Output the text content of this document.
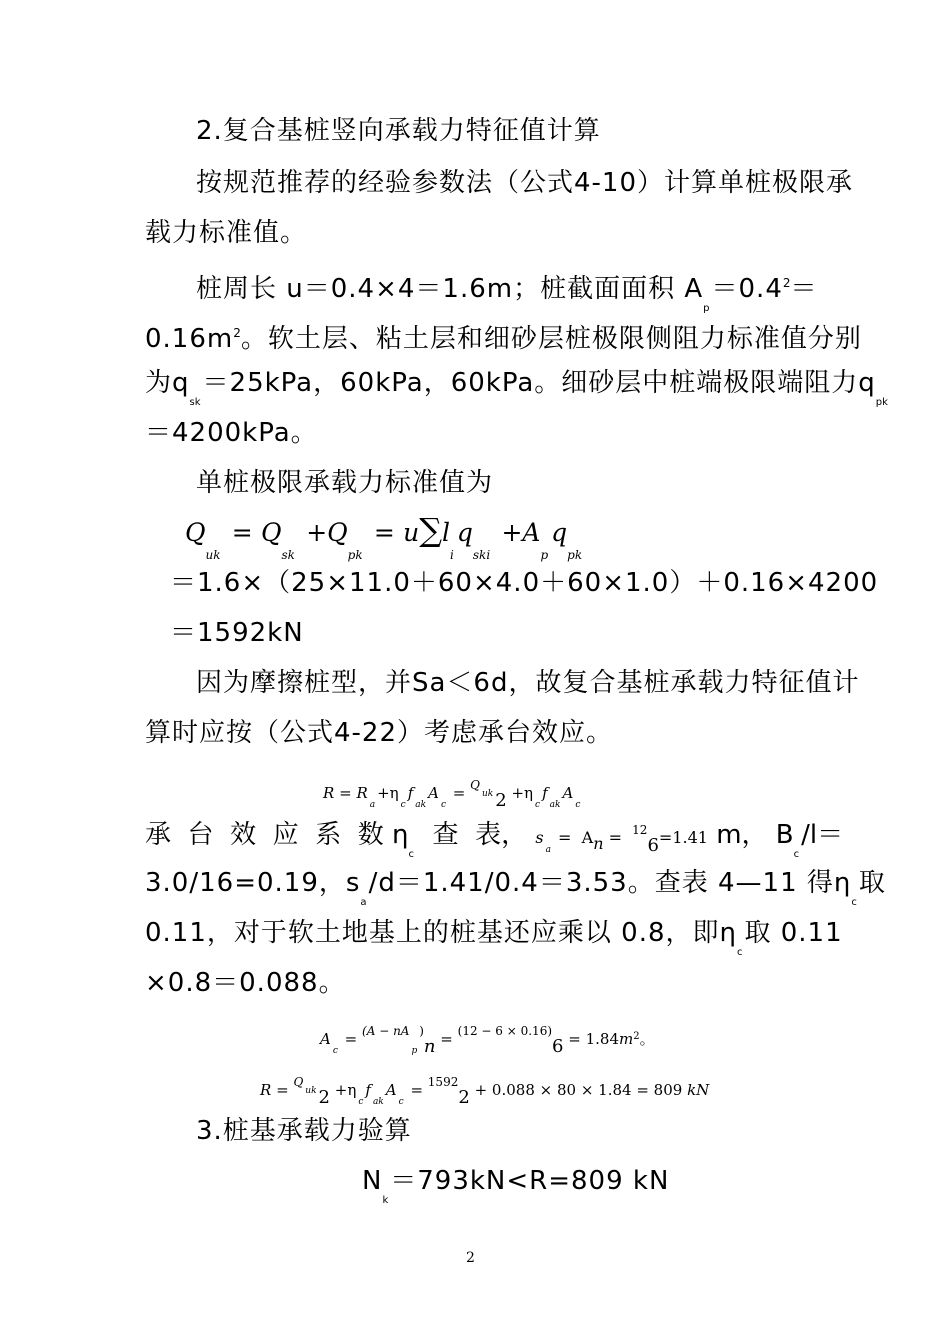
2.复合基桩竖向承载力特征值计算
按规范推荐的经验参数法（公式4-10）计算单桩极限承
载力标准值。
桩周长 u＝0.4×4＝1.6m；桩截面面积 $A_p=0.4^2=$
$0.16m^2$。软土层、粘土层和细砂层桩极限侧阻力标准值分别
为$q_{sk}=25kPa$，60kPa，60kPa。细砂层中桩端极限端阻力$q_{pk}$
＝4200kPa。
单桩极限承载力标准值为
$Q_{uk} = Q_{sk} +Q_{pk} = u\sum l_iq_{ski} +A_pq_{pk}$
＝1.6×（25×11.0＋60×4.0＋60×1.0）＋0.16×4200
＝1592kN
因为摩擦桩型，并Sa＜6d，故复合基桩承载力特征值计
算时应按（公式4-22）考虑承台效应。
$R = R_a+\eta_cf_{ak}A_c = ^Quk$ $2 +\eta_cf_{ak}A_c$
承 台 效 应 系 数 $\eta_c$  查 表， $s_a = An = ^{12}6=1.41$ m， $B_c/l=$
3.0/16=0.19，$s_a/d=1.41/0.4=3.53$。查表 4—11 得$\eta_c$取
0.11，对于软土地基上的桩基还应乘以 0.8，即$\eta_c$取 0.11
×0.8＝0.088。
$A_c = ^{(A - nA}_p^)n = ^{(12 - 6 \times 0.16)}6 = 1.84m^2$。
R = $^Q$uk $2 +\eta_cf_{ak}A_c = ^{1592}2 + 0.088 \times 80 \times 1.84 = 809$ kN
3.桩基承载力验算
$N_k=793kN<R=809$ kN
2
